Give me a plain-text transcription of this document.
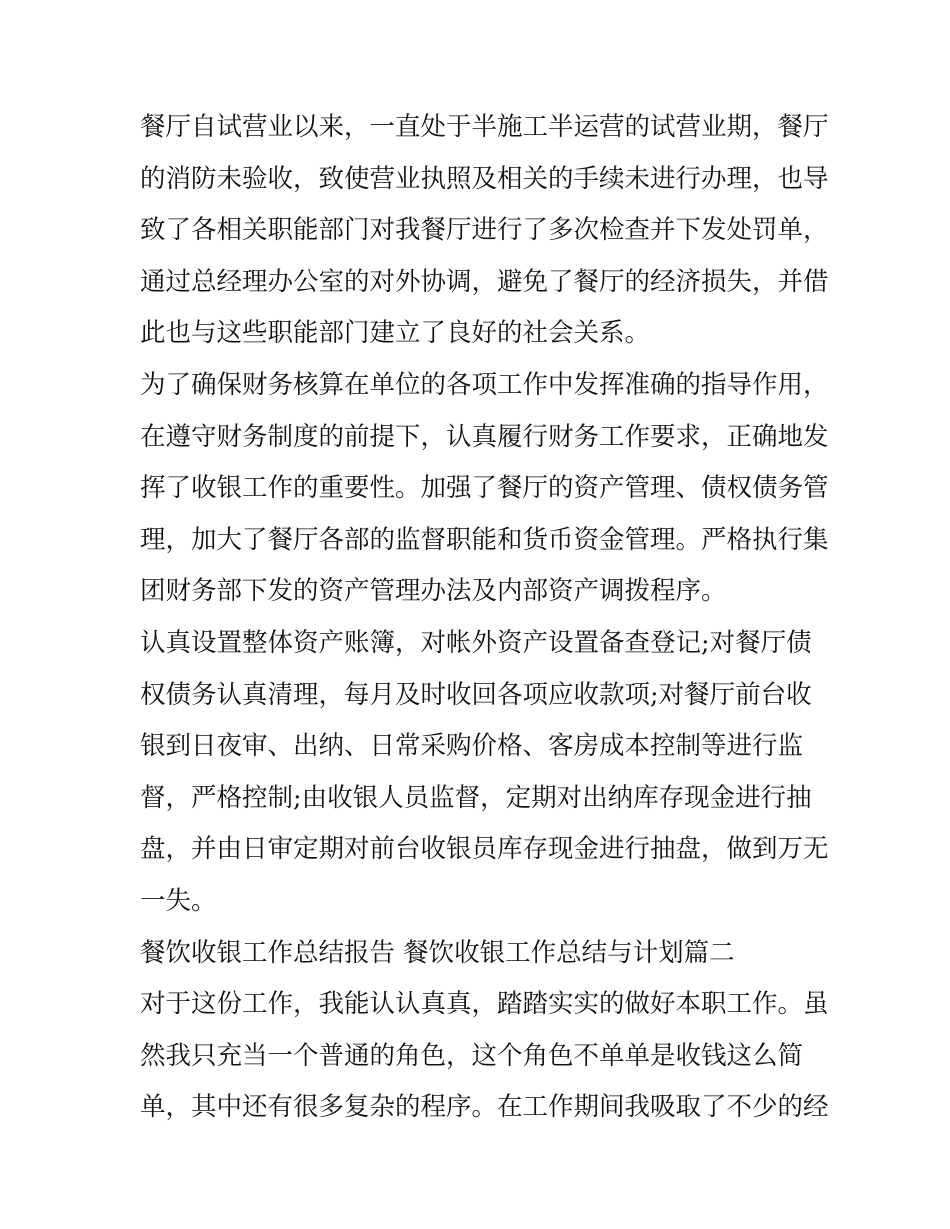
餐厅自试营业以来，一直处于半施工半运营的试营业期，餐厅
的消防未验收，致使营业执照及相关的手续未进行办理，也导
致了各相关职能部门对我餐厅进行了多次检查并下发处罚单，
通过总经理办公室的对外协调，避免了餐厅的经济损失，并借
此也与这些职能部门建立了良好的社会关系。
为了确保财务核算在单位的各项工作中发挥准确的指导作用，
在遵守财务制度的前提下，认真履行财务工作要求，正确地发
挥了收银工作的重要性。加强了餐厅的资产管理、债权债务管
理，加大了餐厅各部的监督职能和货币资金管理。严格执行集
团财务部下发的资产管理办法及内部资产调拨程序。
认真设置整体资产账簿，对帐外资产设置备查登记;对餐厅债
权债务认真清理，每月及时收回各项应收款项;对餐厅前台收
银到日夜审、出纳、日常采购价格、客房成本控制等进行监
督，严格控制;由收银人员监督，定期对出纳库存现金进行抽
盘，并由日审定期对前台收银员库存现金进行抽盘，做到万无
一失。
餐饮收银工作总结报告 餐饮收银工作总结与计划篇二
对于这份工作，我能认认真真，踏踏实实的做好本职工作。虽
然我只充当一个普通的角色，这个角色不单单是收钱这么简
单，其中还有很多复杂的程序。在工作期间我吸取了不少的经
